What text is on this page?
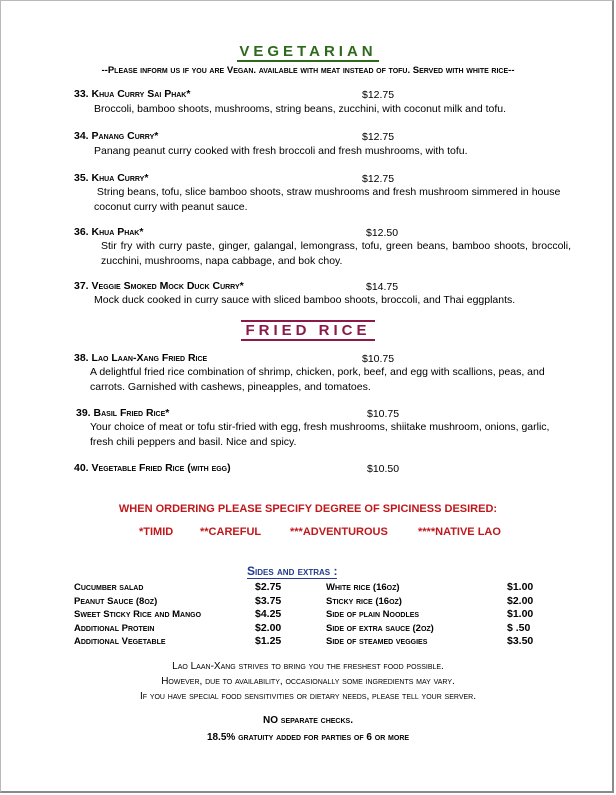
VEGETARIAN
--Please inform us if you are Vegan. available with meat instead of tofu. Served with white rice--
33. Khua Curry Sai Phak*	$12.75
Broccoli, bamboo shoots, mushrooms, string beans, zucchini, with coconut milk and tofu.
34. Panang Curry*	$12.75
Panang peanut curry cooked with fresh broccoli and fresh mushrooms, with tofu.
35. Khua Curry*	$12.75
String beans, tofu, slice bamboo shoots, straw mushrooms and fresh mushroom simmered in house coconut curry with peanut sauce.
36. Khua Phak*	$12.50
Stir fry with curry paste, ginger, galangal, lemongrass, tofu, green beans, bamboo shoots, broccoli, zucchini, mushrooms, napa cabbage, and bok choy.
37. Veggie Smoked Mock Duck Curry*	$14.75
Mock duck cooked in curry sauce with sliced bamboo shoots, broccoli, and Thai eggplants.
FRIED RICE
38. Lao Laan-Xang Fried Rice	$10.75
A delightful fried rice combination of shrimp, chicken, pork, beef, and egg with scallions, peas, and carrots. Garnished with cashews, pineapples, and tomatoes.
39. Basil Fried Rice*	$10.75
Your choice of meat or tofu stir-fried with egg, fresh mushrooms, shiitake mushroom, onions, garlic, fresh chili peppers and basil. Nice and spicy.
40. Vegetable Fried Rice (with egg)	$10.50
WHEN ORDERING PLEASE SPECIFY DEGREE OF SPICINESS DESIRED:
*TIMID **CAREFUL	***ADVENTUROUS	****NATIVE LAO
Sides and extras :
Cucumber salad	$2.75
Peanut Sauce (8oz)	$3.75
Sweet Sticky Rice and Mango	$4.25
Additional Protein	$2.00
Additional Vegetable	$1.25
White rice (16oz)	$1.00
Sticky rice (16oz)	$2.00
Side of plain Noodles	$1.00
Side of extra sauce (2oz)	$ .50
Side of steamed veggies	$3.50
Lao Laan-Xang strives to bring you the freshest food possible.
However, due to availability, occasionally some ingredients may vary.
If you have special food sensitivities or dietary needs, please tell your server.
NO separate checks.
18.5% gratuity added for parties of 6 or more
